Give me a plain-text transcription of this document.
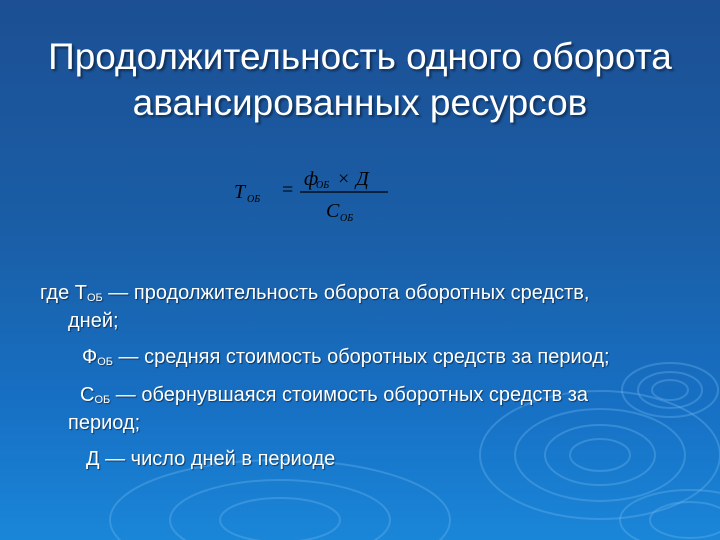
Продолжительность одного оборота
авансированных ресурсов
Т ОБ = ф
ОБ × Д
С ОБ
где ТОБ — продолжительность оборота оборотных средств,
дней;
ФОБ — средняя стоимость оборотных средств за период;
СОБ — обернувшаяся стоимость оборотных средств за
период;
Д — число дней в периоде
